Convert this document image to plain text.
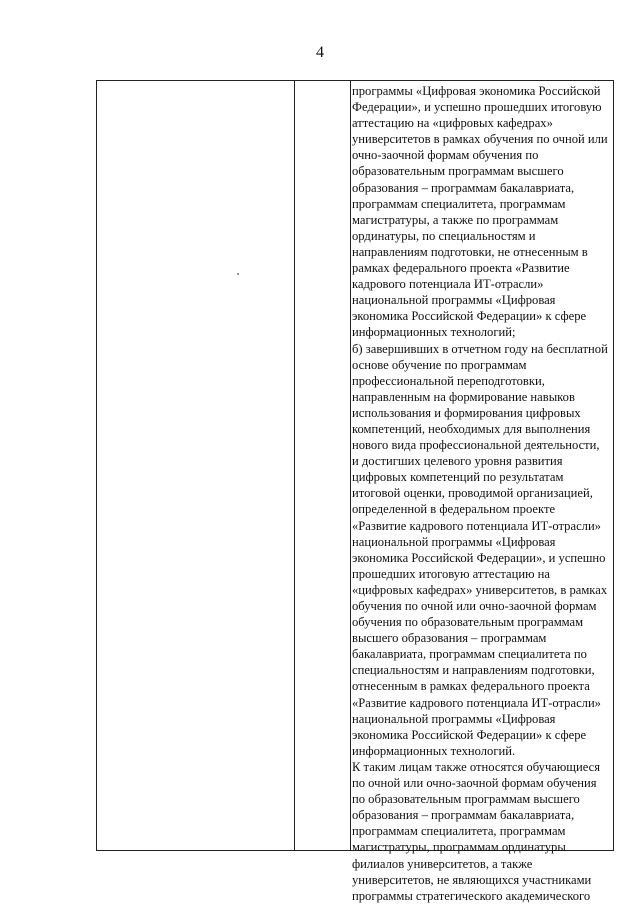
4
программы «Цифровая экономика Российской
Федерации», и успешно прошедших итоговую
аттестацию на «цифровых кафедрах»
университетов в рамках обучения по очной или
очно-заочной формам обучения по
образовательным программам высшего
образования – программам бакалавриата,
программам специалитета, программам
магистратуры, а также по программам
ординатуры, по специальностям и
направлениям подготовки, не отнесенным в
рамках федерального проекта «Развитие
кадрового потенциала ИТ-отрасли»
национальной программы «Цифровая
экономика Российской Федерации» к сфере
информационных технологий;
б) завершивших в отчетном году на бесплатной
основе обучение по программам
профессиональной переподготовки,
направленным на формирование навыков
использования и формирования цифровых
компетенций, необходимых для выполнения
нового вида профессиональной деятельности,
и достигших целевого уровня развития
цифровых компетенций по результатам
итоговой оценки, проводимой организацией,
определенной в федеральном проекте
«Развитие кадрового потенциала ИТ-отрасли»
национальной программы «Цифровая
экономика Российской Федерации», и успешно
прошедших итоговую аттестацию на
«цифровых кафедрах» университетов, в рамках
обучения по очной или очно-заочной формам
обучения по образовательным программам
высшего образования – программам
бакалавриата, программам специалитета по
специальностям и направлениям подготовки,
отнесенным в рамках федерального проекта
«Развитие кадрового потенциала ИТ-отрасли»
национальной программы «Цифровая
экономика Российской Федерации» к сфере
информационных технологий.
К таким лицам также относятся обучающиеся
по очной или очно-заочной формам обучения
по образовательным программам высшего
образования – программам бакалавриата,
программам специалитета, программам
магистратуры, программам ординатуры
филиалов университетов, а также
университетов, не являющихся участниками
программы стратегического академического
